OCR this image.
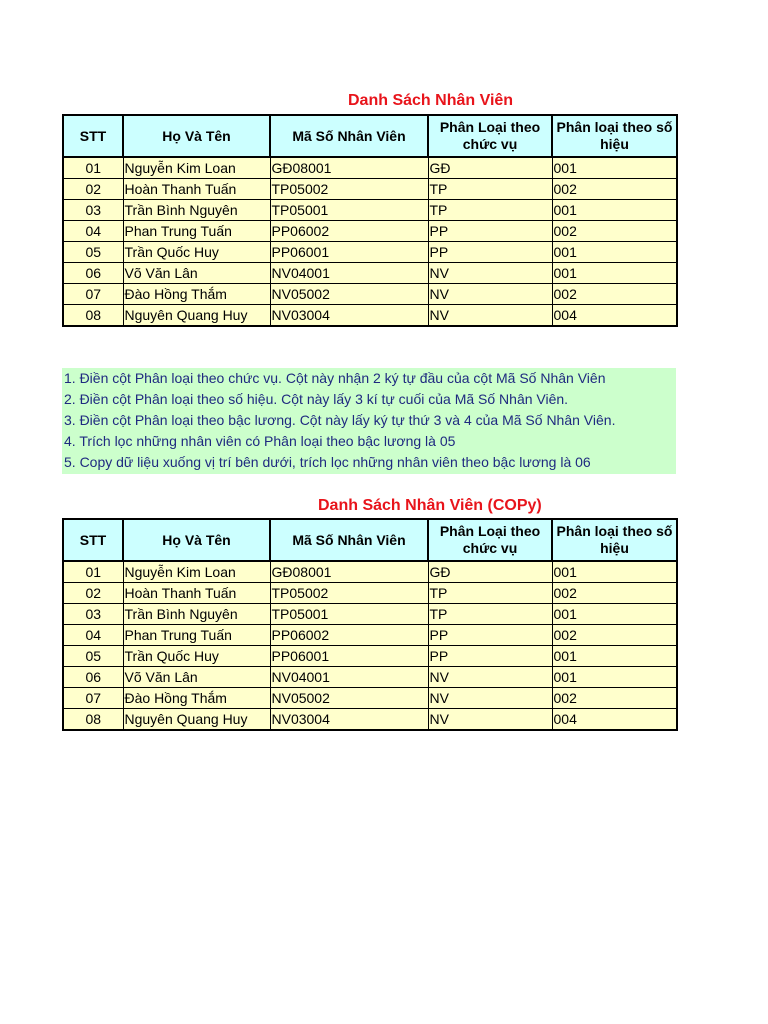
Danh Sách Nhân Viên
STT	Họ Và Tên	Mã Số Nhân Viên	Phân Loại theo chức vụ	Phân loại theo số hiệu
01	Nguyễn Kim Loan	GĐ08001	GĐ	001
02	Hoàn Thanh Tuấn	TP05002	TP	002
03	Trần Bình Nguyên	TP05001	TP	001
04	Phan Trung Tuấn	PP06002	PP	002
05	Trần Quốc Huy	PP06001	PP	001
06	Võ Văn Lân	NV04001	NV	001
07	Đào Hồng Thắm	NV05002	NV	002
08	Nguyên Quang Huy	NV03004	NV	004
1. Điền cột Phân loại theo chức vụ. Cột này nhận 2 ký tự đầu của cột Mã Số Nhân Viên
2. Điền cột Phân loại theo số hiệu. Cột này lấy 3 kí tự cuối của Mã Số Nhân Viên.
3. Điền cột Phân loại theo bậc lương. Cột này lấy ký tự thứ 3 và 4 của Mã Số Nhân Viên.
4. Trích lọc những nhân viên có Phân loại theo bậc lương là 05
5. Copy dữ liệu xuống vị trí bên dưới, trích lọc những nhân viên theo bậc lương là 06
Danh Sách Nhân Viên (COPy)
STT	Họ Và Tên	Mã Số Nhân Viên	Phân Loại theo chức vụ	Phân loại theo số hiệu
01	Nguyễn Kim Loan	GĐ08001	GĐ	001
02	Hoàn Thanh Tuấn	TP05002	TP	002
03	Trần Bình Nguyên	TP05001	TP	001
04	Phan Trung Tuấn	PP06002	PP	002
05	Trần Quốc Huy	PP06001	PP	001
06	Võ Văn Lân	NV04001	NV	001
07	Đào Hồng Thắm	NV05002	NV	002
08	Nguyên Quang Huy	NV03004	NV	004
